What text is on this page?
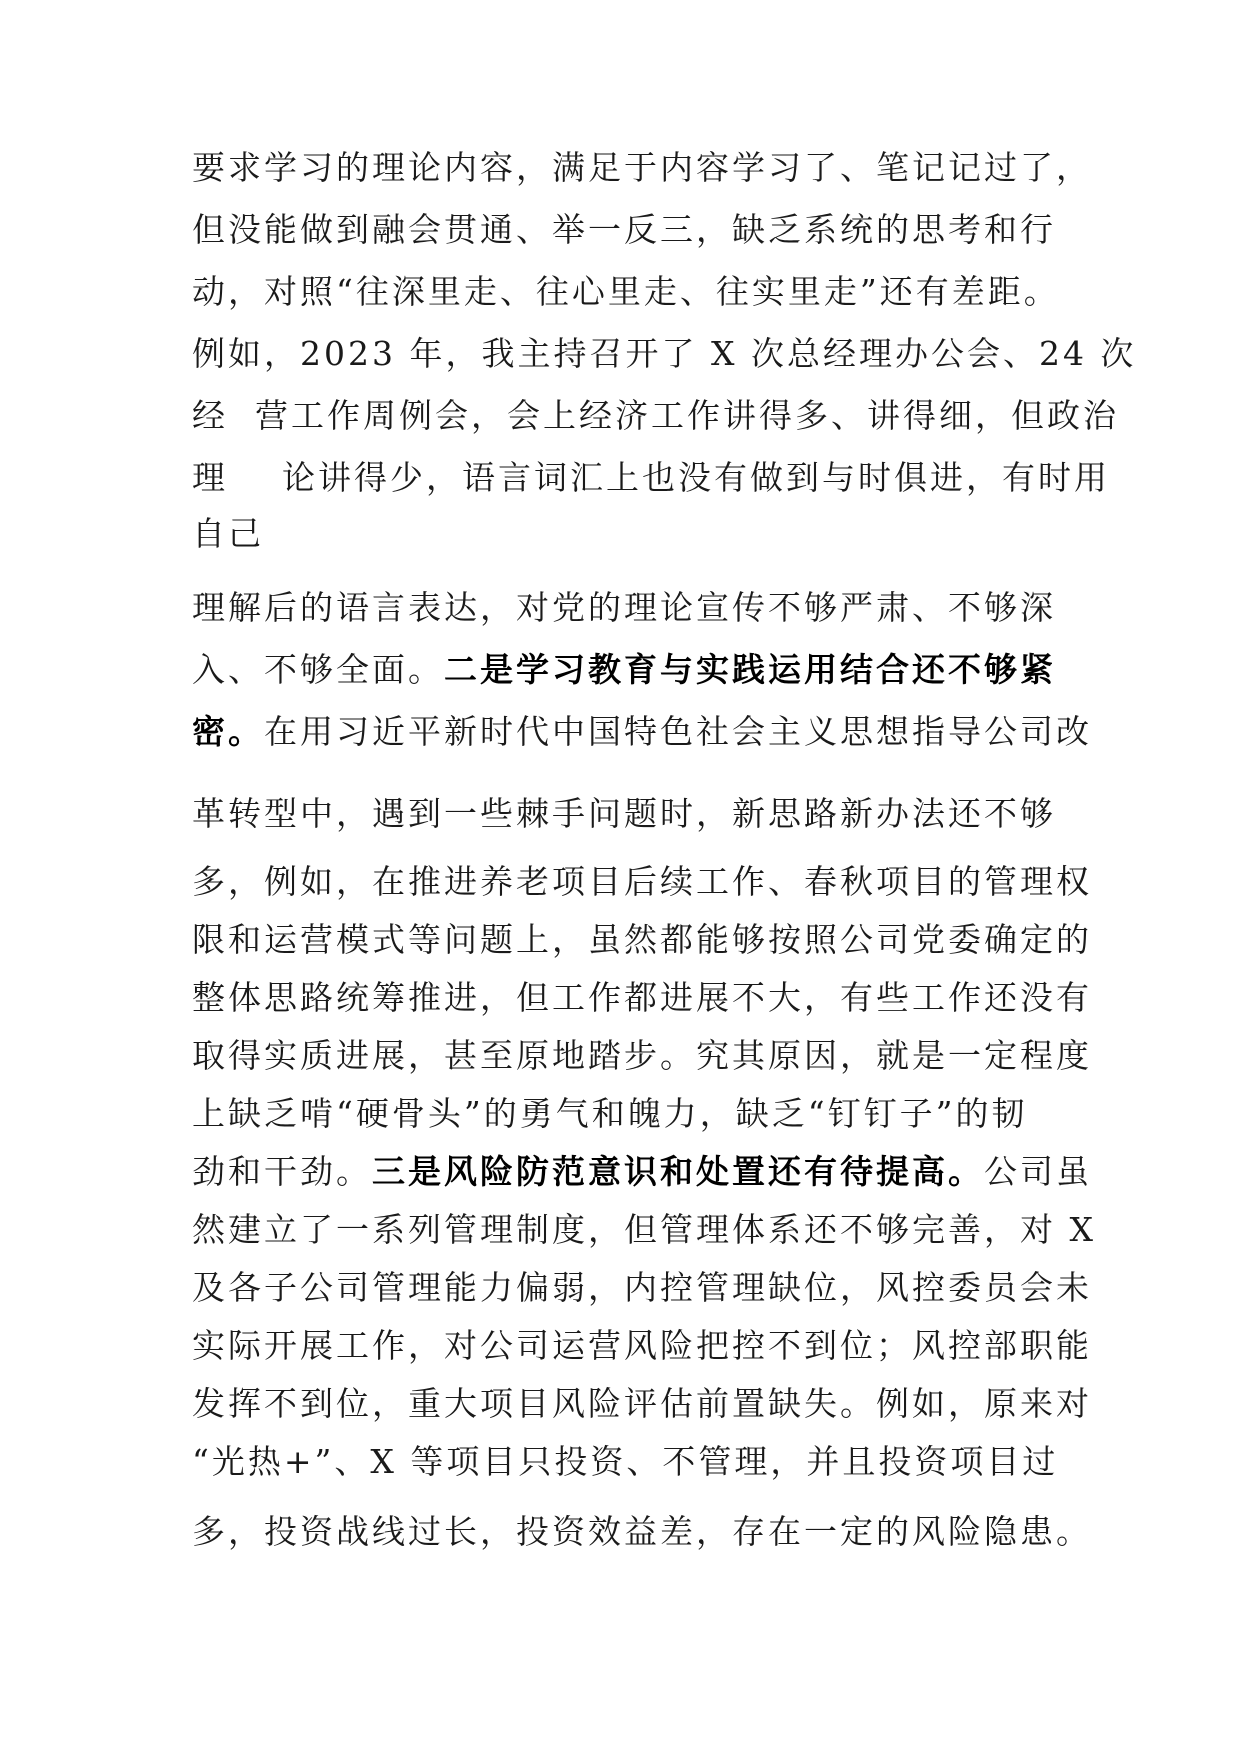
要求学习的理论内容，满足于内容学习了、笔记记过了，
但没能做到融会贯通、举一反三，缺乏系统的思考和行
动，对照“往深里走、往心里走、往实里走”还有差距。
例如，2023 年，我主持召开了 X 次总经理办公会、24 次
经  营工作周例会，会上经济工作讲得多、讲得细，但政治
理    论讲得少，语言词汇上也没有做到与时俱进，有时用
自己
理解后的语言表达，对党的理论宣传不够严肃、不够深
入、不够全面。二是学习教育与实践运用结合还不够紧
密。在用习近平新时代中国特色社会主义思想指导公司改
革转型中，遇到一些棘手问题时，新思路新办法还不够
多，例如，在推进养老项目后续工作、春秋项目的管理权
限和运营模式等问题上，虽然都能够按照公司党委确定的
整体思路统筹推进，但工作都进展不大，有些工作还没有
取得实质进展，甚至原地踏步。究其原因，就是一定程度
上缺乏啃“硬骨头”的勇气和魄力，缺乏“钉钉子”的韧
劲和干劲。三是风险防范意识和处置还有待提高。公司虽
然建立了一系列管理制度，但管理体系还不够完善，对 X
及各子公司管理能力偏弱，内控管理缺位，风控委员会未
实际开展工作，对公司运营风险把控不到位；风控部职能
发挥不到位，重大项目风险评估前置缺失。例如，原来对
“光热+”、X 等项目只投资、不管理，并且投资项目过
多，投资战线过长，投资效益差，存在一定的风险隐患。
